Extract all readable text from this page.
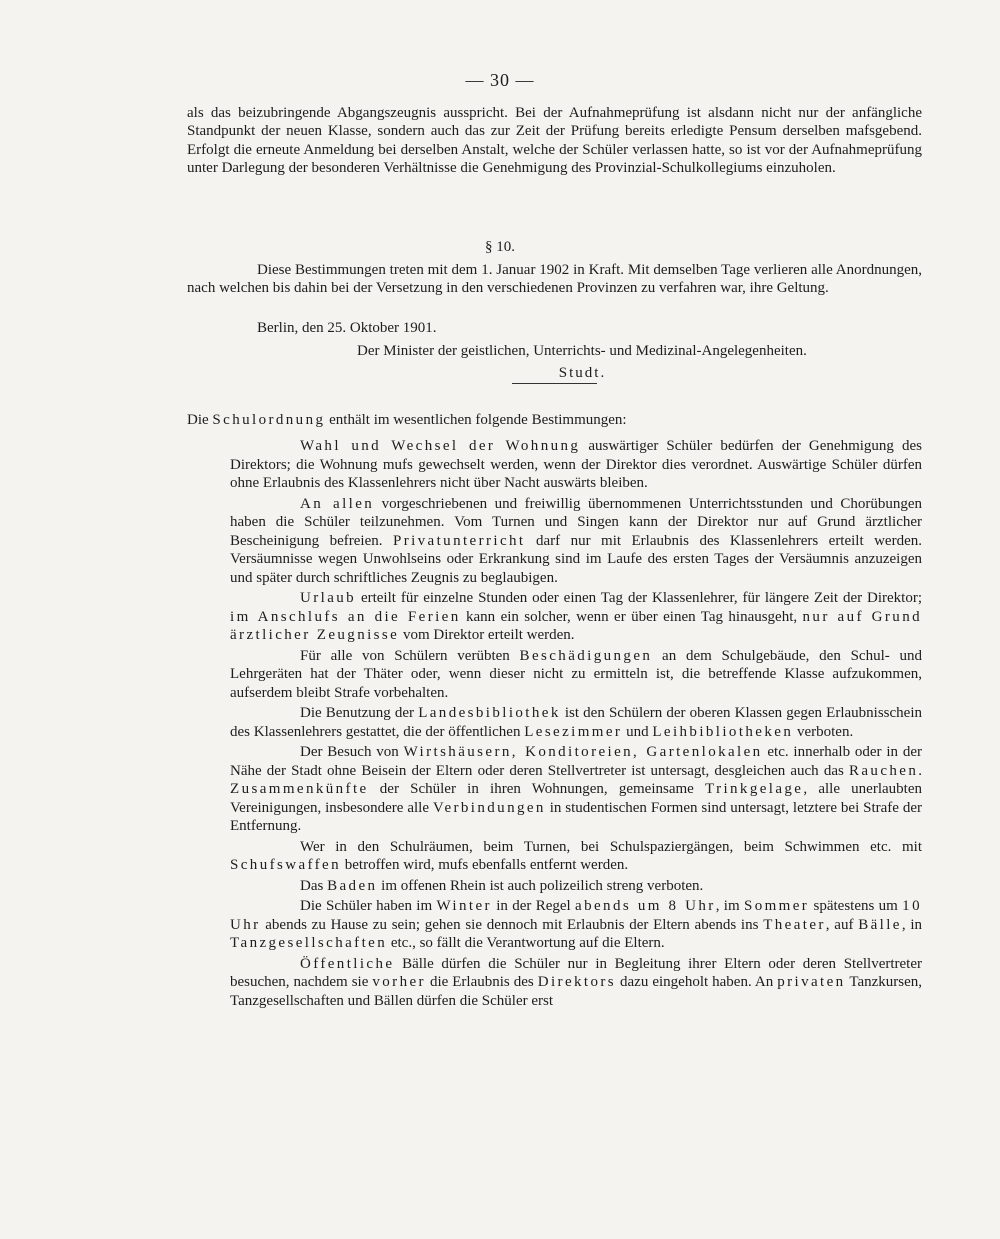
— 30 —

als das beizubringende Abgangszeugnis ausspricht. Bei der Aufnahmeprüfung ist alsdann nicht nur der anfängliche Standpunkt der neuen Klasse, sondern auch das zur Zeit der Prüfung bereits erledigte Pensum derselben mafsgebend. Erfolgt die erneute Anmeldung bei derselben Anstalt, welche der Schüler verlassen hatte, so ist vor der Aufnahmeprüfung unter Darlegung der besonderen Verhältnisse die Genehmigung des Provinzial-Schulkollegiums einzuholen.

§ 10.

Diese Bestimmungen treten mit dem 1. Januar 1902 in Kraft. Mit demselben Tage verlieren alle Anordnungen, nach welchen bis dahin bei der Versetzung in den verschiedenen Provinzen zu verfahren war, ihre Geltung.

Berlin, den 25. Oktober 1901.
Der Minister der geistlichen, Unterrichts- und Medizinal-Angelegenheiten.
Studt.
Die Schulordnung enthält im wesentlichen folgende Bestimmungen:

Wahl und Wechsel der Wohnung auswärtiger Schüler bedürfen der Genehmigung des Direktors; die Wohnung mufs gewechselt werden, wenn der Direktor dies verordnet. Auswärtige Schüler dürfen ohne Erlaubnis des Klassenlehrers nicht über Nacht auswärts bleiben.

An allen vorgeschriebenen und freiwillig übernommenen Unterrichtsstunden und Chorübungen haben die Schüler teilzunehmen. Vom Turnen und Singen kann der Direktor nur auf Grund ärztlicher Bescheinigung befreien. Privatunterricht darf nur mit Erlaubnis des Klassenlehrers erteilt werden. Versäumnisse wegen Unwohlseins oder Erkrankung sind im Laufe des ersten Tages der Versäumnis anzuzeigen und später durch schriftliches Zeugnis zu beglaubigen.

Urlaub erteilt für einzelne Stunden oder einen Tag der Klassenlehrer, für längere Zeit der Direktor; im Anschlufs an die Ferien kann ein solcher, wenn er über einen Tag hinausgeht, nur auf Grund ärztlicher Zeugnisse vom Direktor erteilt werden.

Für alle von Schülern verübten Beschädigungen an dem Schulgebäude, den Schul- und Lehrgeräten hat der Thäter oder, wenn dieser nicht zu ermitteln ist, die betreffende Klasse aufzukommen, aufserdem bleibt Strafe vorbehalten.

Die Benutzung der Landesbibliothek ist den Schülern der oberen Klassen gegen Erlaubnisschein des Klassenlehrers gestattet, die der öffentlichen Lesezimmer und Leihbibliotheken verboten.

Der Besuch von Wirtshäusern, Konditoreien, Gartenlokalen etc. innerhalb oder in der Nähe der Stadt ohne Beisein der Eltern oder deren Stellvertreter ist untersagt, desgleichen auch das Rauchen. Zusammenkünfte der Schüler in ihren Wohnungen, gemeinsame Trinkgelage, alle unerlaubten Vereinigungen, insbesondere alle Verbindungen in studentischen Formen sind untersagt, letztere bei Strafe der Entfernung.

Wer in den Schulräumen, beim Turnen, bei Schulspaziergängen, beim Schwimmen etc. mit Schufswaffen betroffen wird, mufs ebenfalls entfernt werden.

Das Baden im offenen Rhein ist auch polizeilich streng verboten.

Die Schüler haben im Winter in der Regel abends um 8 Uhr, im Sommer spätestens um 10 Uhr abends zu Hause zu sein; gehen sie dennoch mit Erlaubnis der Eltern abends ins Theater, auf Bälle, in Tanzgesellschaften etc., so fällt die Verantwortung auf die Eltern.

Öffentliche Bälle dürfen die Schüler nur in Begleitung ihrer Eltern oder deren Stellvertreter besuchen, nachdem sie vorher die Erlaubnis des Direktors dazu eingeholt haben. An privaten Tanzkursen, Tanzgesellschaften und Bällen dürfen die Schüler erst
